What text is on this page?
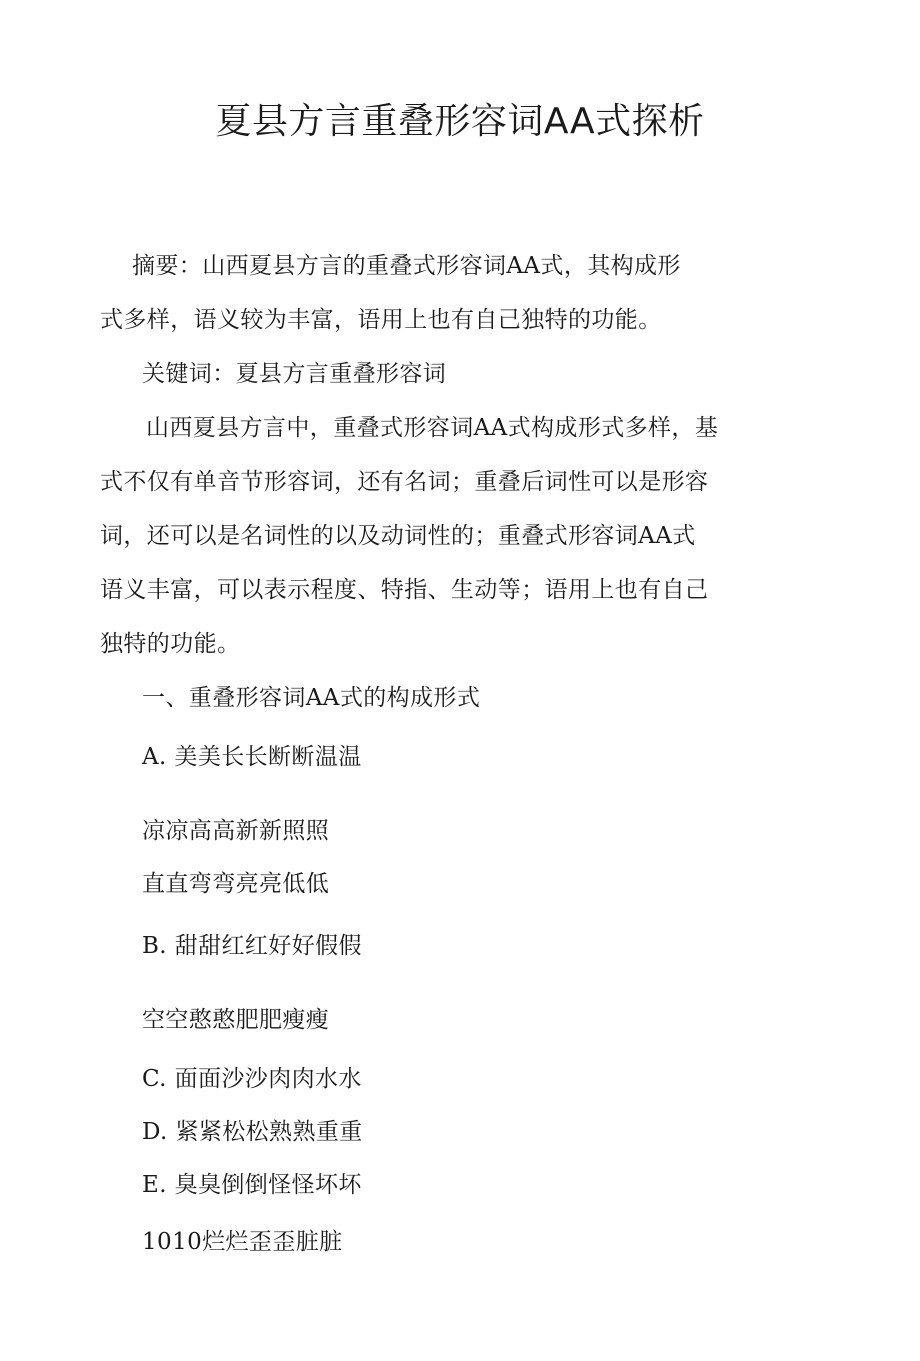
夏县方言重叠形容词AA式探析
摘要：山西夏县方言的重叠式形容词AA式，其构成形
式多样，语义较为丰富，语用上也有自己独特的功能。
关键词：夏县方言重叠形容词
山西夏县方言中，重叠式形容词AA式构成形式多样，基
式不仅有单音节形容词，还有名词；重叠后词性可以是形容
词，还可以是名词性的以及动词性的；重叠式形容词AA式
语义丰富，可以表示程度、特指、生动等；语用上也有自己
独特的功能。
一、重叠形容词AA式的构成形式
A. 美美长长断断温温
凉凉高高新新照照
直直弯弯亮亮低低
B. 甜甜红红好好假假
空空憨憨肥肥瘦瘦
C. 面面沙沙肉肉水水
D. 紧紧松松熟熟重重
E. 臭臭倒倒怪怪坏坏
1010烂烂歪歪脏脏
